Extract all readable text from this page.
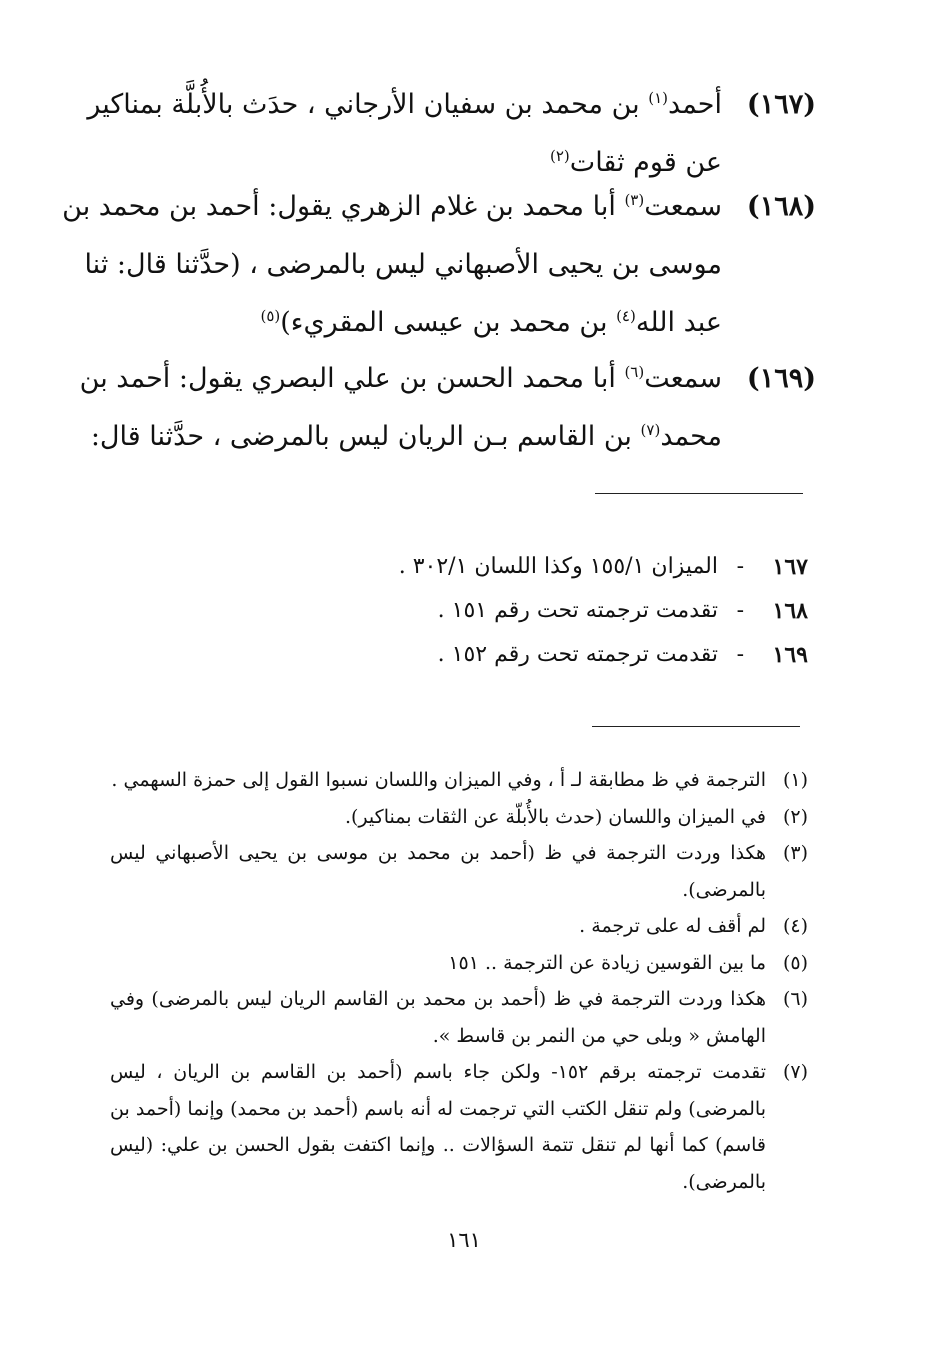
(١٦٧)
أحمد$^{(١)}$ بن محمد بن سفيان الأرجاني ، حدَث بالأُبلَّة بمناكير
عن قوم ثقات$^{(٢)}$
(١٦٨)
سمعت$^{(٣)}$ أبا محمد بن غلام الزهري يقول: أحمد بن محمد بن
موسى بن يحيى الأصبهاني ليس بالمرضى ، (حدَّثنا قال: ثنا
عبد الله$^{(٤)}$ بن محمد بن عيسى المقريء)$^{(٥)}$
(١٦٩)
سمعت$^{(٦)}$ أبا محمد الحسن بن علي البصري يقول: أحمد بن
محمد$^{(٧)}$ بن القاسم بـن الريان ليس بالمرضى ، حدَّثنا قال:
١٦٧
-
الميزان ١٥٥/١ وكذا اللسان ٣٠٢/١ .
١٦٨
-
تقدمت ترجمته تحت رقم ١٥١ .
١٦٩
-
تقدمت ترجمته تحت رقم ١٥٢ .
(١)
الترجمة في ظ مطابقة لـ أ ، وفي الميزان واللسان نسبوا القول إلى حمزة السهمي .
(٢)
في الميزان واللسان (حدث بالأُبلّة عن الثقات بمناكير).
(٣)
هكذا وردت الترجمة في ظ (أحمد بن محمد بن موسى بن يحيى الأصبهاني ليس بالمرضى).
(٤)
لم أقف له على ترجمة .
(٥)
ما بين القوسين زيادة عن الترجمة .. ١٥١
(٦)
هكذا وردت الترجمة في ظ (أحمد بن محمد بن القاسم الريان ليس بالمرضى) وفي الهامش « وبلى حي من النمر بن قاسط ».
(٧)
تقدمت ترجمته برقم ١٥٢- ولكن جاء باسم (أحمد بن القاسم بن الريان ، ليس بالمرضى) ولم تنقل الكتب التي ترجمت له أنه باسم (أحمد بن محمد) وإنما (أحمد بن قاسم) كما أنها لم تنقل تتمة السؤالات .. وإنما اكتفت بقول الحسن بن علي: (ليس بالمرضى).
١٦١
